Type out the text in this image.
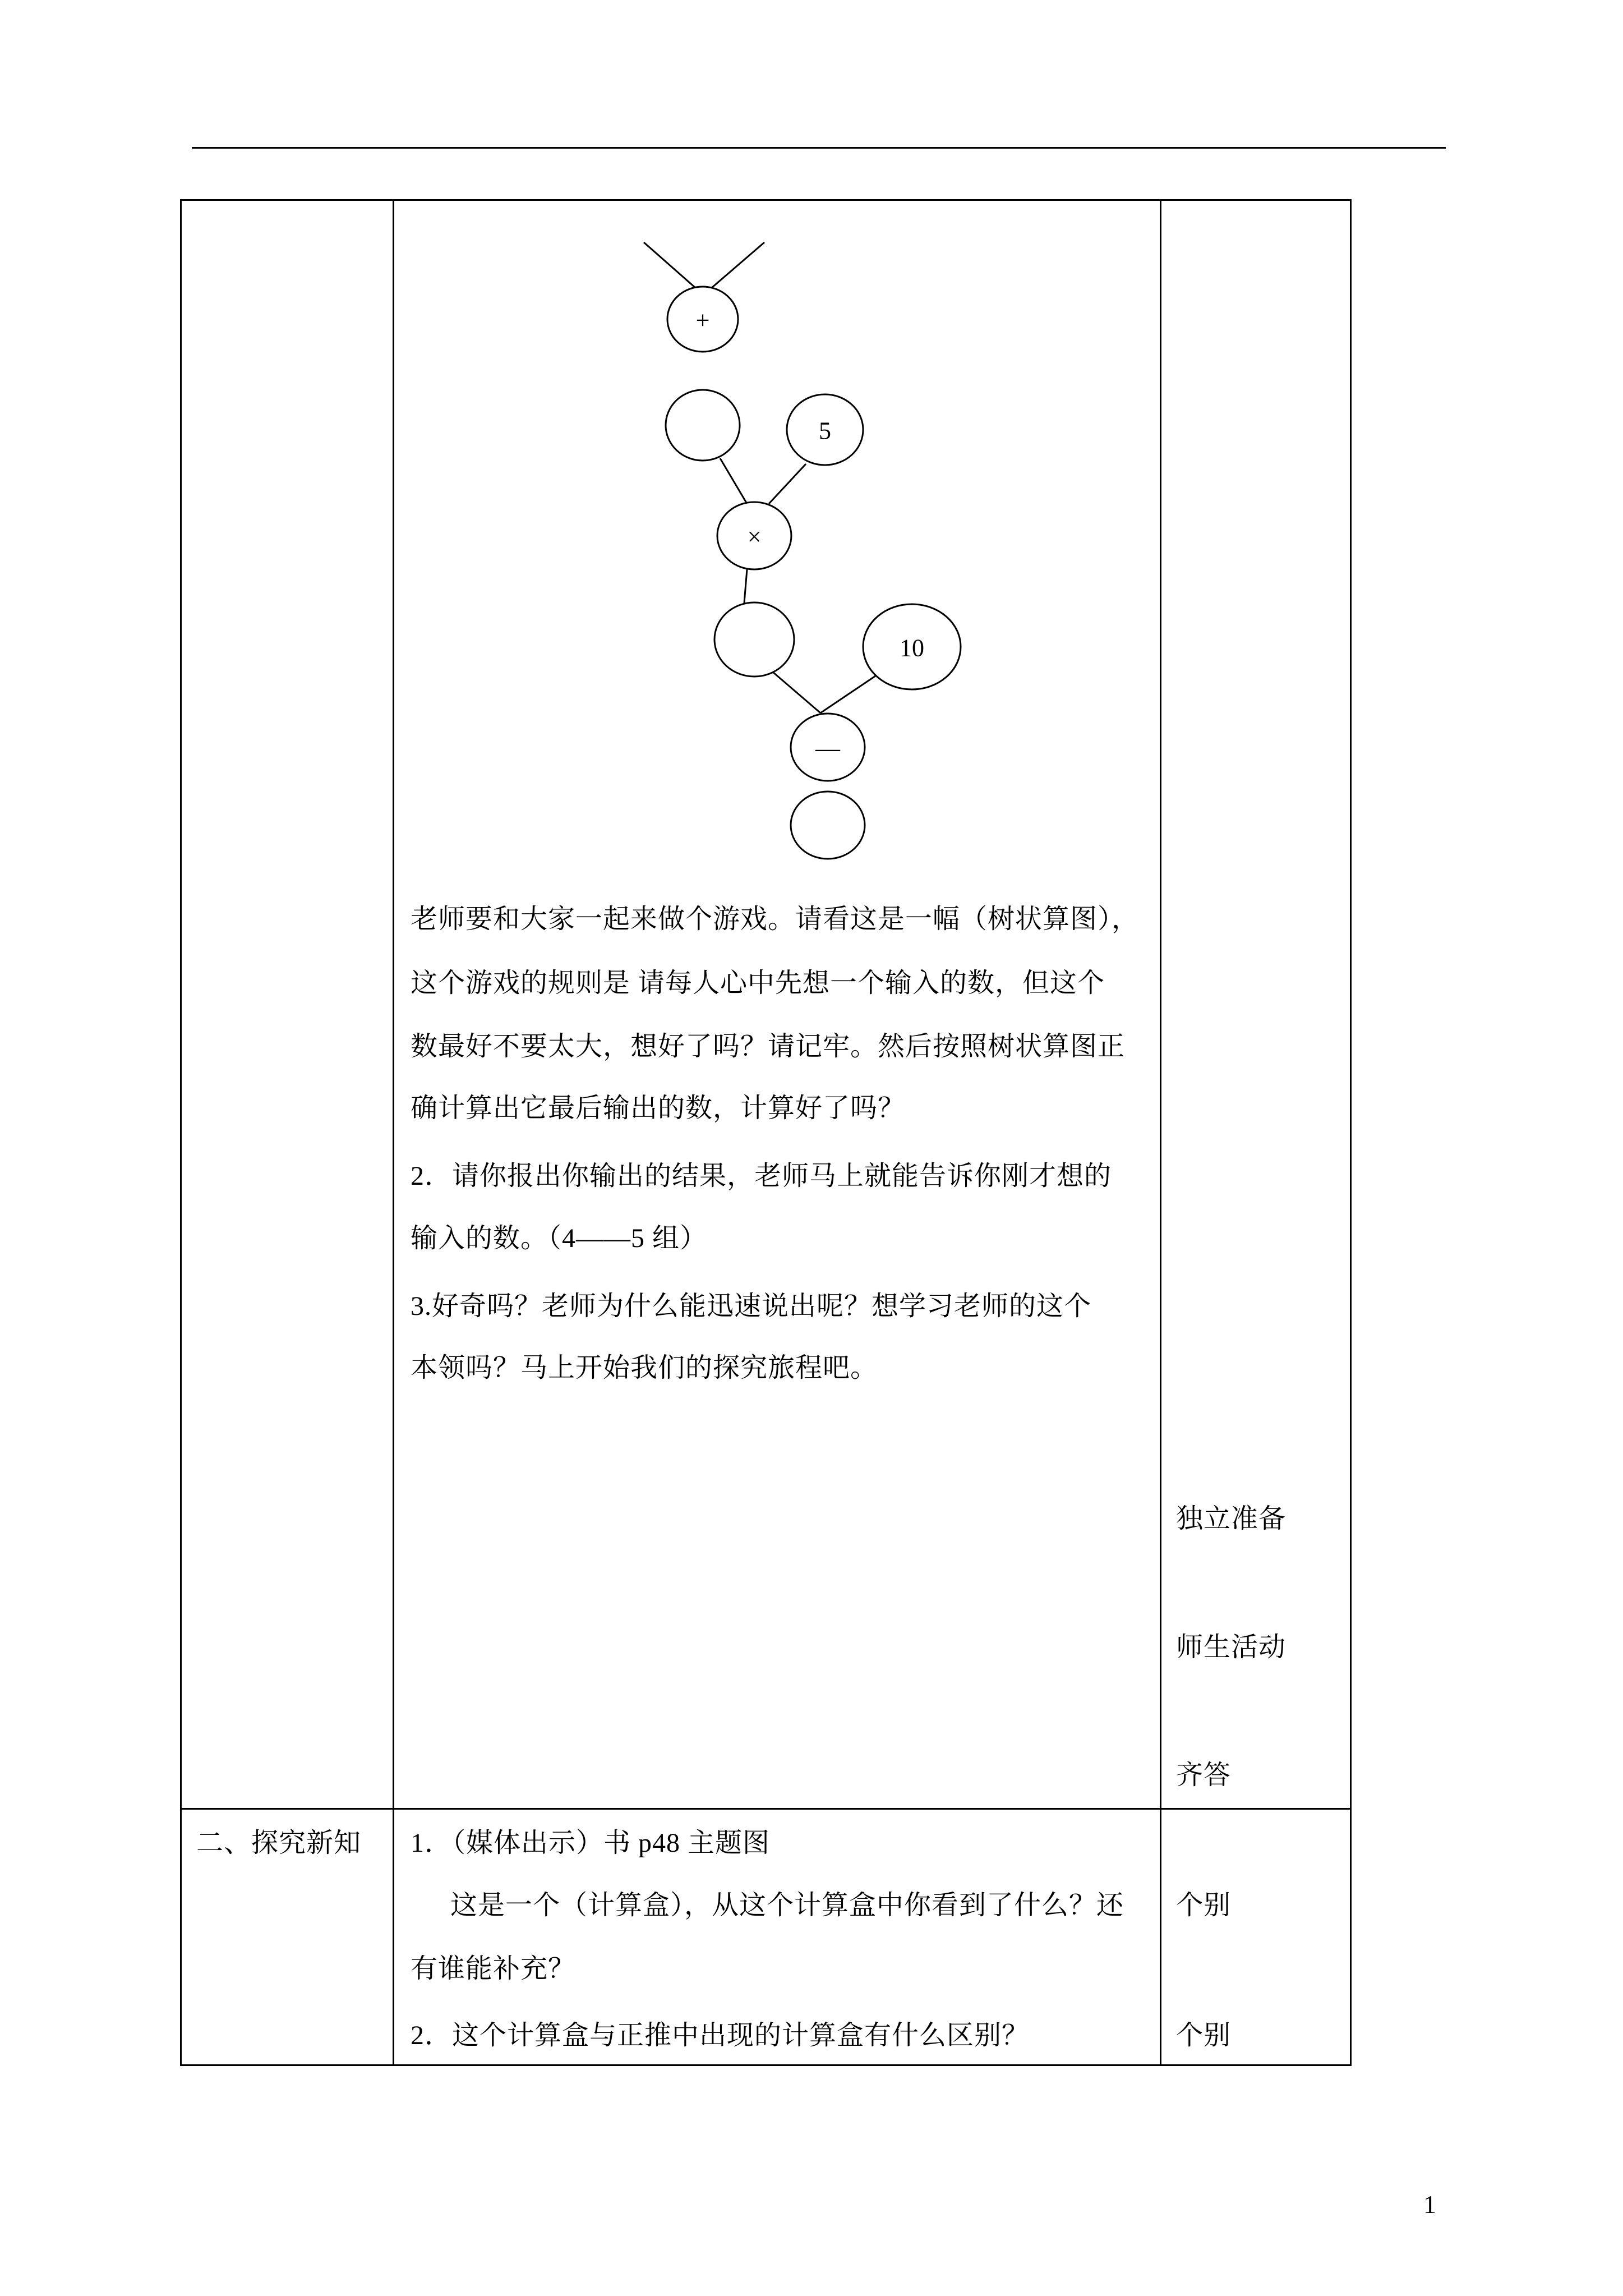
+
5
×
10
—
老师要和大家一起来做个游戏。请看这是一幅（树状算图），
这个游戏的规则是 请每人心中先想一个输入的数，但这个
数最好不要太大，想好了吗？请记牢。然后按照树状算图正
确计算出它最后输出的数，计算好了吗？
2．请你报出你输出的结果，老师马上就能告诉你刚才想的
输入的数。（4——5 组）
3.好奇吗？老师为什么能迅速说出呢？想学习老师的这个
本领吗？马上开始我们的探究旅程吧。
独立准备
师生活动
齐答
二、探究新知 1．（媒体出示）书 p48 主题图
这是一个（计算盒），从这个计算盒中你看到了什么？还
有谁能补充？
2．这个计算盒与正推中出现的计算盒有什么区别？
个别
个别
1
